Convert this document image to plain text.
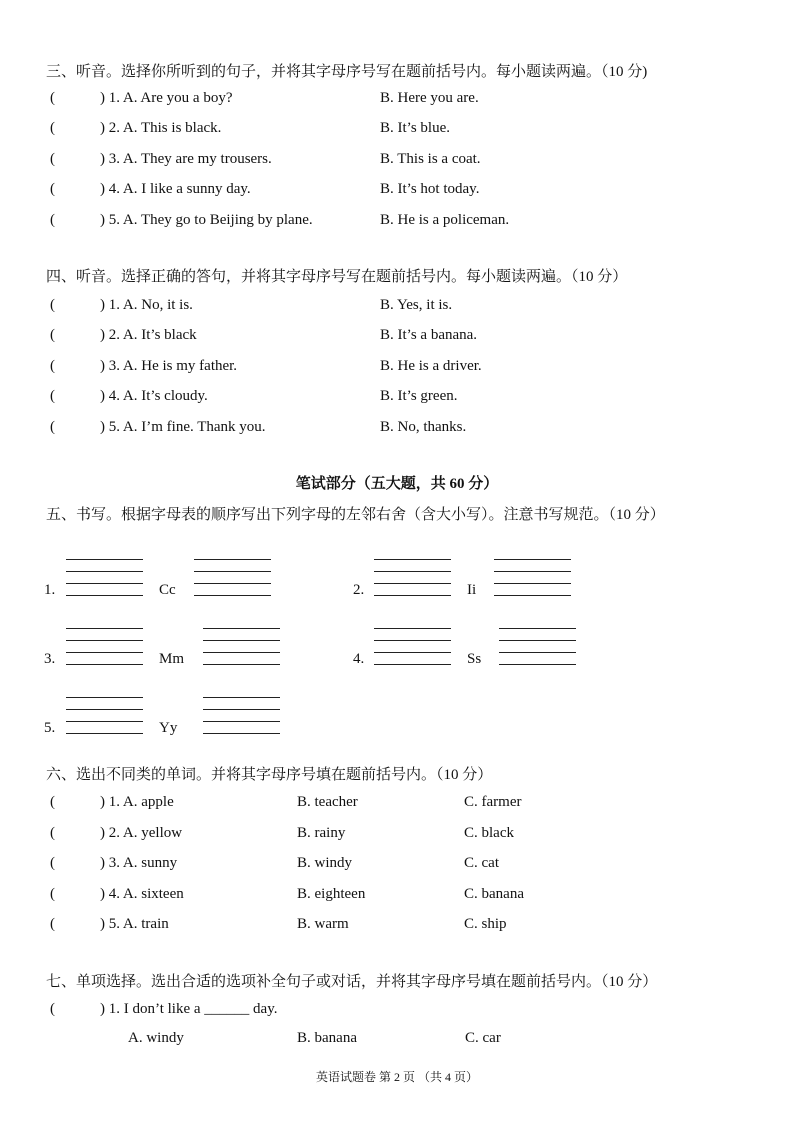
三、听音。选择你所听到的句子，并将其字母序号写在题前括号内。每小题读两遍。（10 分)
(	) 1. A. Are you a boy?	B. Here you are.
(	) 2. A. This is black.	B. It’s blue.
(	) 3. A. They are my trousers.	B. This is a coat.
(	) 4. A. I like a sunny day.	B. It’s hot today.
(	) 5. A. They go to Beijing by plane.	B. He is a policeman.
四、听音。选择正确的答句，并将其字母序号写在题前括号内。每小题读两遍。（10 分）
(	) 1. A. No, it is.	B. Yes, it is.
(	) 2. A. It’s black	B. It’s a banana.
(	) 3. A. He is my father.	B. He is a driver.
(	) 4. A. It’s cloudy.	B. It’s green.
(	) 5. A. I’m fine. Thank you.	B. No, thanks.
笔试部分（五大题，共 60 分）
五、书写。根据字母表的顺序写出下列字母的左邻右舍（含大小写）。注意书写规范。（10 分）
1.	Cc	2.	Ii
3.	Mm	4.	Ss
5.	Yy
六、选出不同类的单词。并将其字母序号填在题前括号内。（10 分）
(	) 1. A. apple	B. teacher	C. farmer
(	) 2. A. yellow	B. rainy	C. black
(	) 3. A. sunny	B. windy	C. cat
(	) 4. A. sixteen	B. eighteen	C. banana
(	) 5. A. train	B. warm	C. ship
七、单项选择。选出合适的选项补全句子或对话，并将其字母序号填在题前括号内。（10 分）
(	) 1. I don’t like a ______ day.
A. windy	B. banana	C. car
英语试题卷 第 2 页 （共 4 页）
